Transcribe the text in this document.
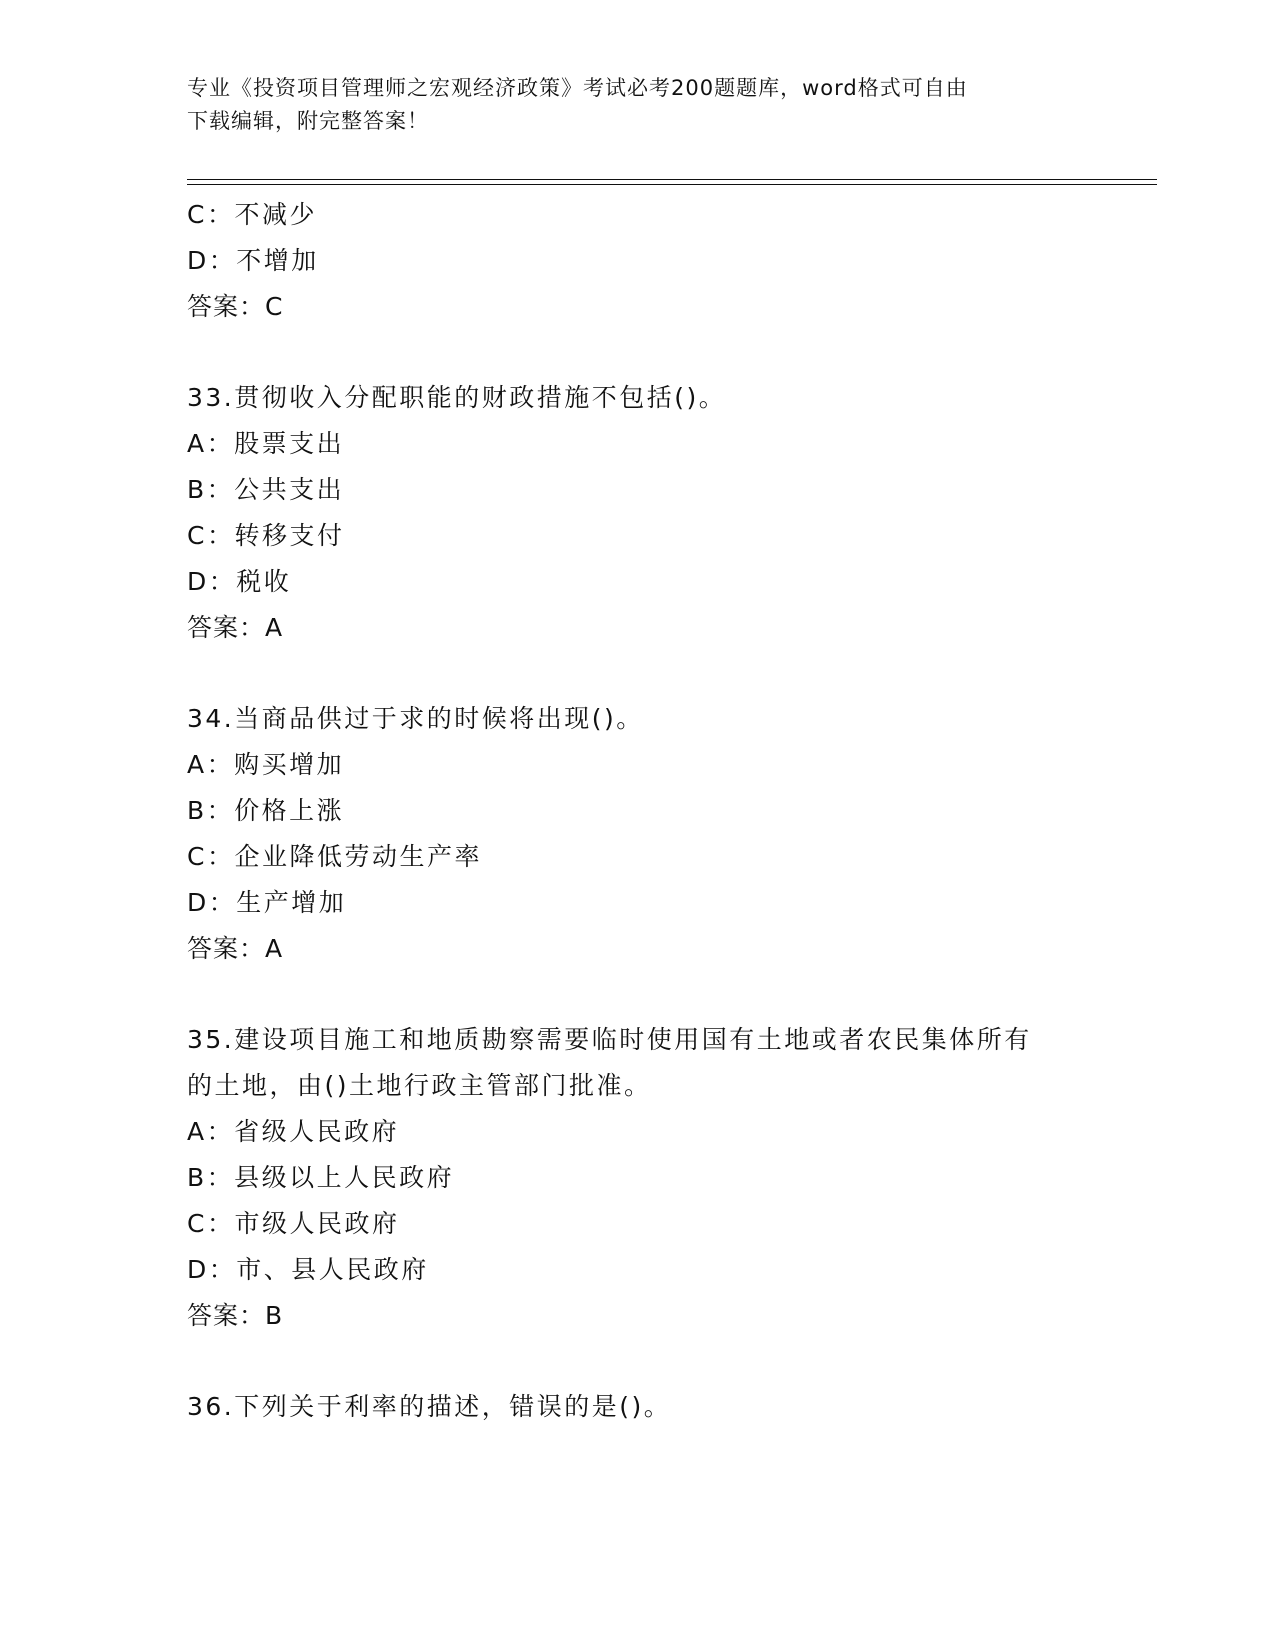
专业《投资项目管理师之宏观经济政策》考试必考200题题库，word格式可自由
下载编辑，附完整答案！
C：不减少
D：不增加
答案：C
33.贯彻收入分配职能的财政措施不包括()。
A：股票支出
B：公共支出
C：转移支付
D：税收
答案：A
34.当商品供过于求的时候将出现()。
A：购买增加
B：价格上涨
C：企业降低劳动生产率
D：生产增加
答案：A
35.建设项目施工和地质勘察需要临时使用国有土地或者农民集体所有
的土地，由()土地行政主管部门批准。
A：省级人民政府
B：县级以上人民政府
C：市级人民政府
D：市、县人民政府
答案：B
36.下列关于利率的描述，错误的是()。
